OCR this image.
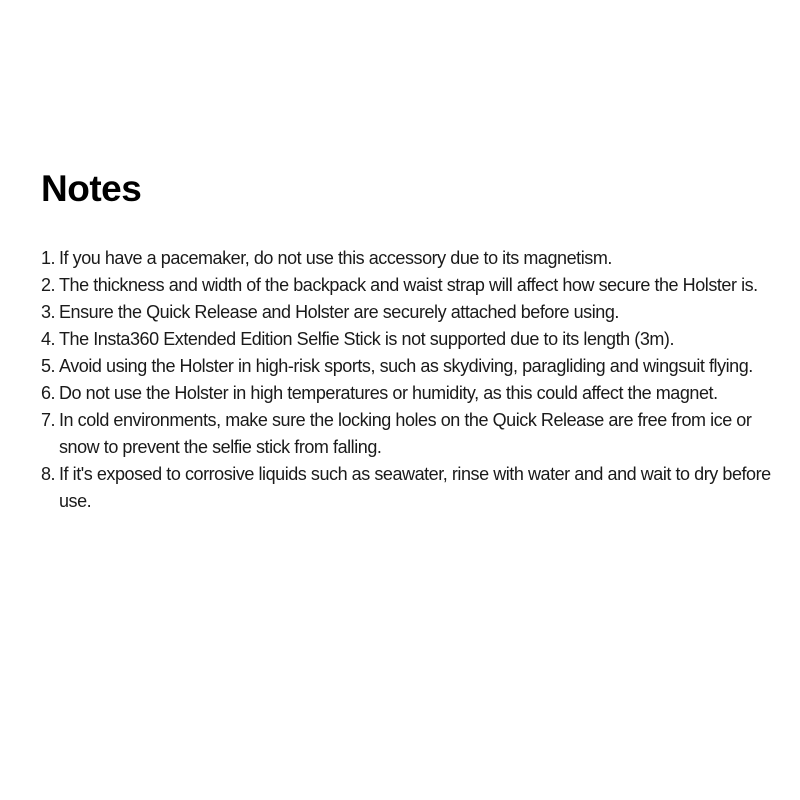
Notes
1. If you have a pacemaker, do not use this accessory due to its magnetism.
2. The thickness and width of the backpack and waist strap will affect how secure the Holster is.
3. Ensure the Quick Release and Holster are securely attached before using.
4. The Insta360 Extended Edition Selfie Stick is not supported due to its length (3m).
5. Avoid using the Holster in high-risk sports, such as skydiving, paragliding and wingsuit flying.
6. Do not use the Holster in high temperatures or humidity, as this could affect the magnet.
7. In cold environments, make sure the locking holes on the Quick Release are free from ice or snow to prevent the selfie stick from falling.
8. If it's exposed to corrosive liquids such as seawater, rinse with water and and wait to dry before use.
